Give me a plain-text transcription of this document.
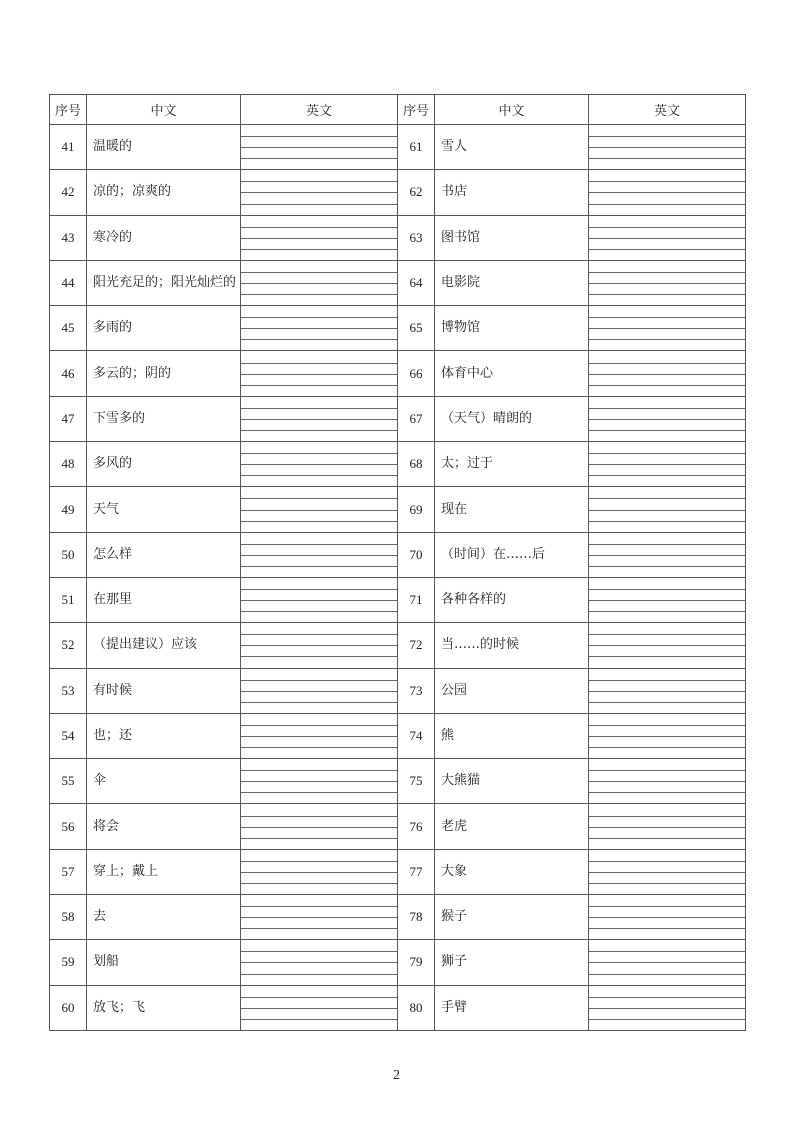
序号	中文	英文	序号	中文	英文
41	温暖的		61	雪人	

42	凉的；凉爽的		62	书店	

43	寒冷的		63	图书馆	

44	阳光充足的；阳光灿烂的		64	电影院	

45	多雨的		65	博物馆	

46	多云的；阴的		66	体育中心	

47	下雪多的		67	（天气）晴朗的	

48	多风的		68	太；过于	

49	天气		69	现在	

50	怎么样		70	（时间）在……后	

51	在那里		71	各种各样的	

52	（提出建议）应该		72	当……的时候	

53	有时候		73	公园	

54	也；还		74	熊	

55	伞		75	大熊猫	

56	将会		76	老虎	

57	穿上；戴上		77	大象	

58	去		78	猴子	

59	划船		79	狮子	

60	放飞；飞		80	手臂	
2
